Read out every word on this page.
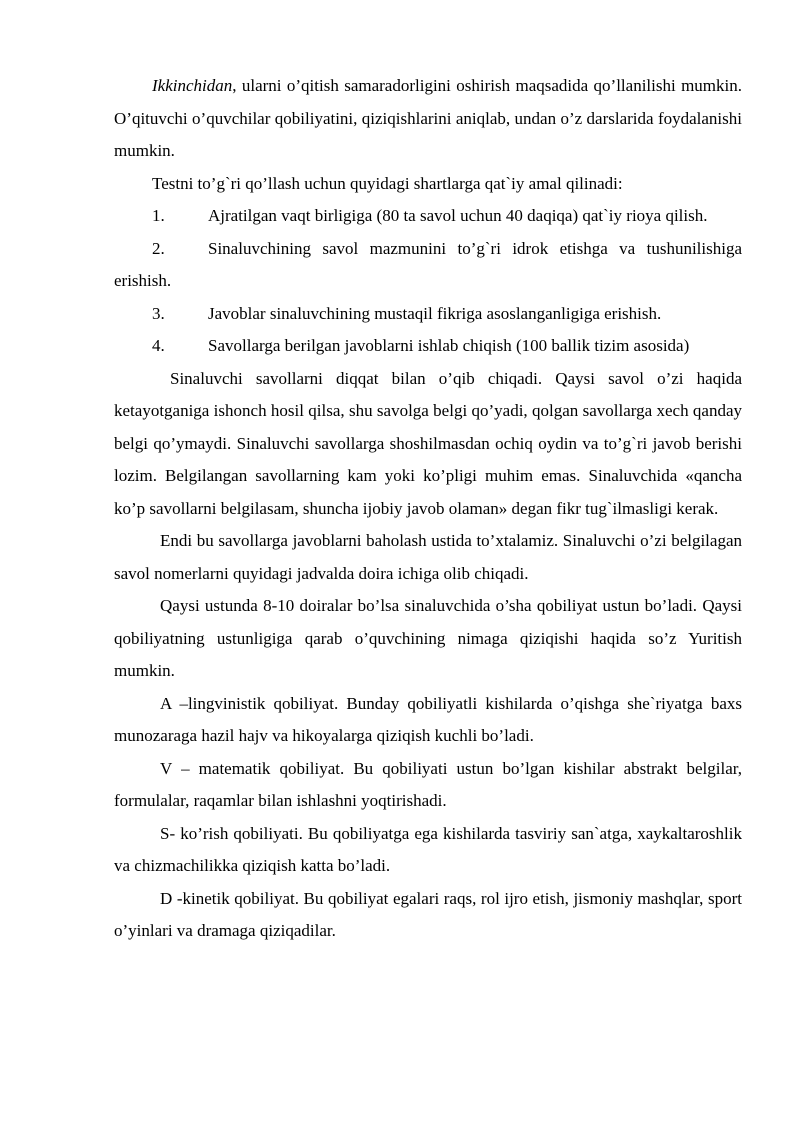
Ikkinchidan, ularni o’qitish samaradorligini oshirish maqsadida qo’llanilishi mumkin. O’qituvchi o’quvchilar qobiliyatini, qiziqishlarini aniqlab, undan o’z darslarida foydalanishi mumkin.

Testni to’g`ri qo’llash uchun quyidagi shartlarga qat`iy amal qilinadi:

1.	Ajratilgan vaqt birligiga (80 ta savol uchun 40 daqiqa) qat`iy rioya qilish.

2.	Sinaluvchining savol mazmunini to’g`ri idrok etishga va tushunilishiga erishish.

3.	Javoblar sinaluvchining mustaqil fikriga asoslanganligiga erishish.

4.	Savollarga berilgan javoblarni ishlab chiqish (100 ballik tizim asosida)

Sinaluvchi savollarni diqqat bilan o’qib chiqadi. Qaysi savol o’zi haqida ketayotganiga ishonch hosil qilsa, shu savolga belgi qo’yadi, qolgan savollarga xech qanday belgi qo’ymaydi. Sinaluvchi savollarga shoshilmasdan ochiq oydin va to’g`ri javob berishi lozim. Belgilangan savollarning kam yoki ko’pligi muhim emas. Sinaluvchida «qancha ko’p savollarni belgilasam, shuncha ijobiy javob olaman» degan fikr tug`ilmasligi kerak.

Endi bu savollarga javoblarni baholash ustida to’xtalamiz. Sinaluvchi o’zi belgilagan savol nomerlarni quyidagi jadvalda doira ichiga olib chiqadi.

Qaysi ustunda 8-10 doiralar bo’lsa sinaluvchida o’sha qobiliyat ustun bo’ladi. Qaysi qobiliyatning ustunligiga qarab o’quvchining nimaga qiziqishi haqida so’z Yuritish mumkin.

A –lingvinistik qobiliyat. Bunday qobiliyatli kishilarda o’qishga she`riyatga baxs munozaraga hazil hajv va hikoyalarga qiziqish kuchli bo’ladi.

V – matematik qobiliyat. Bu qobiliyati ustun bo’lgan kishilar abstrakt belgilar, formulalar, raqamlar bilan ishlashni yoqtirishadi.

S- ko’rish qobiliyati. Bu qobiliyatga ega kishilarda tasviriy san`atga, xaykaltaroshlik va chizmachilikka qiziqish katta bo’ladi.

D -kinetik qobiliyat. Bu qobiliyat egalari raqs, rol ijro etish, jismoniy mashqlar, sport o’yinlari va dramaga qiziqadilar.
